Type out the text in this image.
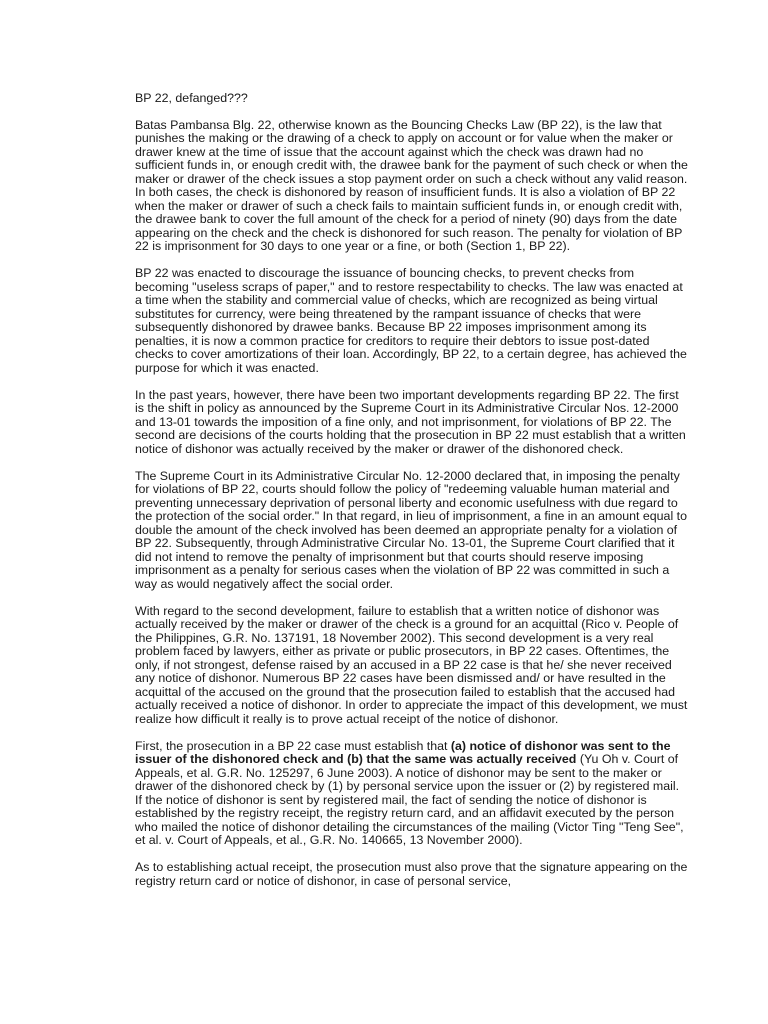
BP 22, defanged???

Batas Pambansa Blg. 22, otherwise known as the Bouncing Checks Law (BP 22), is the law that punishes the making or the drawing of a check to apply on account or for value when the maker or drawer knew at the time of issue that the account against which the check was drawn had no sufficient funds in, or enough credit with, the drawee bank for the payment of such check or when the maker or drawer of the check issues a stop payment order on such a check without any valid reason. In both cases, the check is dishonored by reason of insufficient funds. It is also a violation of BP 22 when the maker or drawer of such a check fails to maintain sufficient funds in, or enough credit with, the drawee bank to cover the full amount of the check for a period of ninety (90) days from the date appearing on the check and the check is dishonored for such reason. The penalty for violation of BP 22 is imprisonment for 30 days to one year or a fine, or both (Section 1, BP 22).

BP 22 was enacted to discourage the issuance of bouncing checks, to prevent checks from becoming "useless scraps of paper," and to restore respectability to checks. The law was enacted at a time when the stability and commercial value of checks, which are recognized as being virtual substitutes for currency, were being threatened by the rampant issuance of checks that were subsequently dishonored by drawee banks. Because BP 22 imposes imprisonment among its penalties, it is now a common practice for creditors to require their debtors to issue post-dated checks to cover amortizations of their loan. Accordingly, BP 22, to a certain degree, has achieved the purpose for which it was enacted.

In the past years, however, there have been two important developments regarding BP 22. The first is the shift in policy as announced by the Supreme Court in its Administrative Circular Nos. 12-2000 and 13-01 towards the imposition of a fine only, and not imprisonment, for violations of BP 22. The second are decisions of the courts holding that the prosecution in BP 22 must establish that a written notice of dishonor was actually received by the maker or drawer of the dishonored check.

The Supreme Court in its Administrative Circular No. 12-2000 declared that, in imposing the penalty for violations of BP 22, courts should follow the policy of "redeeming valuable human material and preventing unnecessary deprivation of personal liberty and economic usefulness with due regard to the protection of the social order." In that regard, in lieu of imprisonment, a fine in an amount equal to double the amount of the check involved has been deemed an appropriate penalty for a violation of BP 22. Subsequently, through Administrative Circular No. 13-01, the Supreme Court clarified that it did not intend to remove the penalty of imprisonment but that courts should reserve imposing imprisonment as a penalty for serious cases when the violation of BP 22 was committed in such a way as would negatively affect the social order.

With regard to the second development, failure to establish that a written notice of dishonor was actually received by the maker or drawer of the check is a ground for an acquittal (Rico v. People of the Philippines, G.R. No. 137191, 18 November 2002). This second development is a very real problem faced by lawyers, either as private or public prosecutors, in BP 22 cases. Oftentimes, the only, if not strongest, defense raised by an accused in a BP 22 case is that he/ she never received any notice of dishonor. Numerous BP 22 cases have been dismissed and/ or have resulted in the acquittal of the accused on the ground that the prosecution failed to establish that the accused had actually received a notice of dishonor. In order to appreciate the impact of this development, we must realize how difficult it really is to prove actual receipt of the notice of dishonor.

First, the prosecution in a BP 22 case must establish that (a) notice of dishonor was sent to the issuer of the dishonored check and (b) that the same was actually received (Yu Oh v. Court of Appeals, et al. G.R. No. 125297, 6 June 2003). A notice of dishonor may be sent to the maker or drawer of the dishonored check by (1) by personal service upon the issuer or (2) by registered mail. If the notice of dishonor is sent by registered mail, the fact of sending the notice of dishonor is established by the registry receipt, the registry return card, and an affidavit executed by the person who mailed the notice of dishonor detailing the circumstances of the mailing (Victor Ting "Teng See", et al. v. Court of Appeals, et al., G.R. No. 140665, 13 November 2000).

As to establishing actual receipt, the prosecution must also prove that the signature appearing on the registry return card or notice of dishonor, in case of personal service,
